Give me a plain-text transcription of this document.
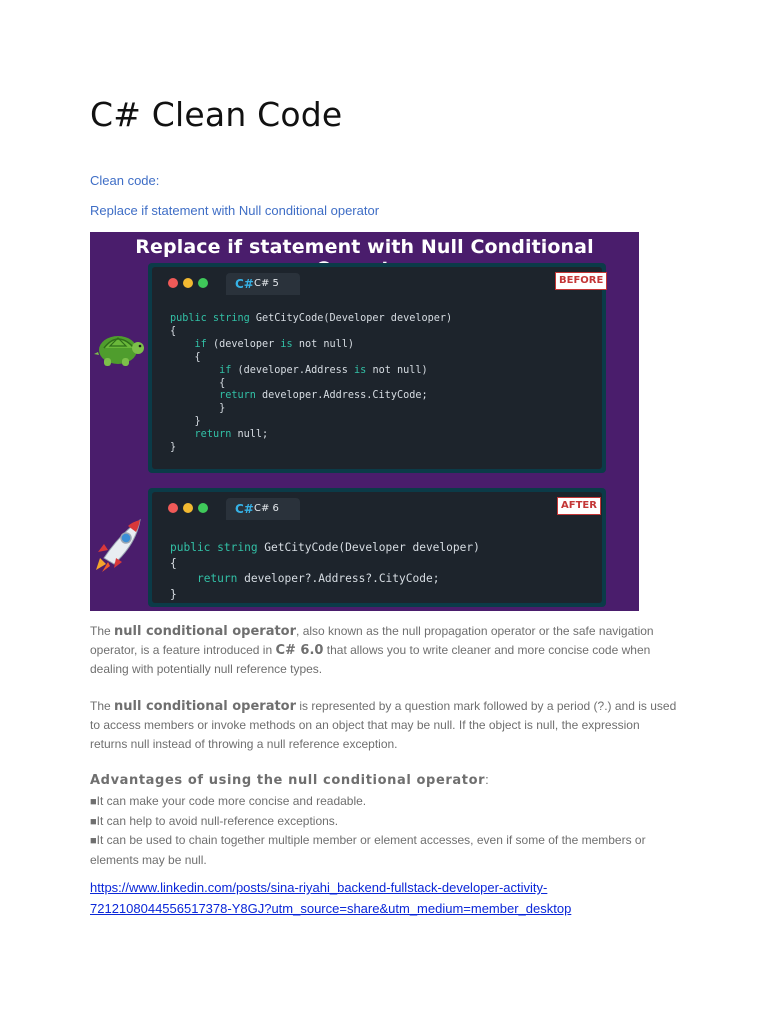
C# Clean Code

Clean code:

Replace if statement with Null conditional operator

Replace if statement with Null Conditional
C# C# 5	BEFORE
public string GetCityCode(Developer developer)
{
if (developer is not null)
{
if (developer.Address is not null)
{
return developer.Address.CityCode;
}
}
return null;
}
C# C# 6	AFTER
public string GetCityCode(Developer developer)
{
return developer?.Address?.CityCode;
}

The null conditional operator, also known as the null propagation operator or the safe navigation operator, is a feature introduced in C# 6.0 that allows you to write cleaner and more concise code when dealing with potentially null reference types.

The null conditional operator is represented by a question mark followed by a period (?.) and is used to access members or invoke methods on an object that may be null. If the object is null, the expression returns null instead of throwing a null reference exception.

Advantages of using the null conditional operator:

■It can make your code more concise and readable.
■It can help to avoid null-reference exceptions.
■It can be used to chain together multiple member or element accesses, even if some of the members or elements may be null.
https://www.linkedin.com/posts/sina-riyahi_backend-fullstack-developer-activity-7212108044556517378-Y8GJ?utm_source=share&utm_medium=member_desktop
